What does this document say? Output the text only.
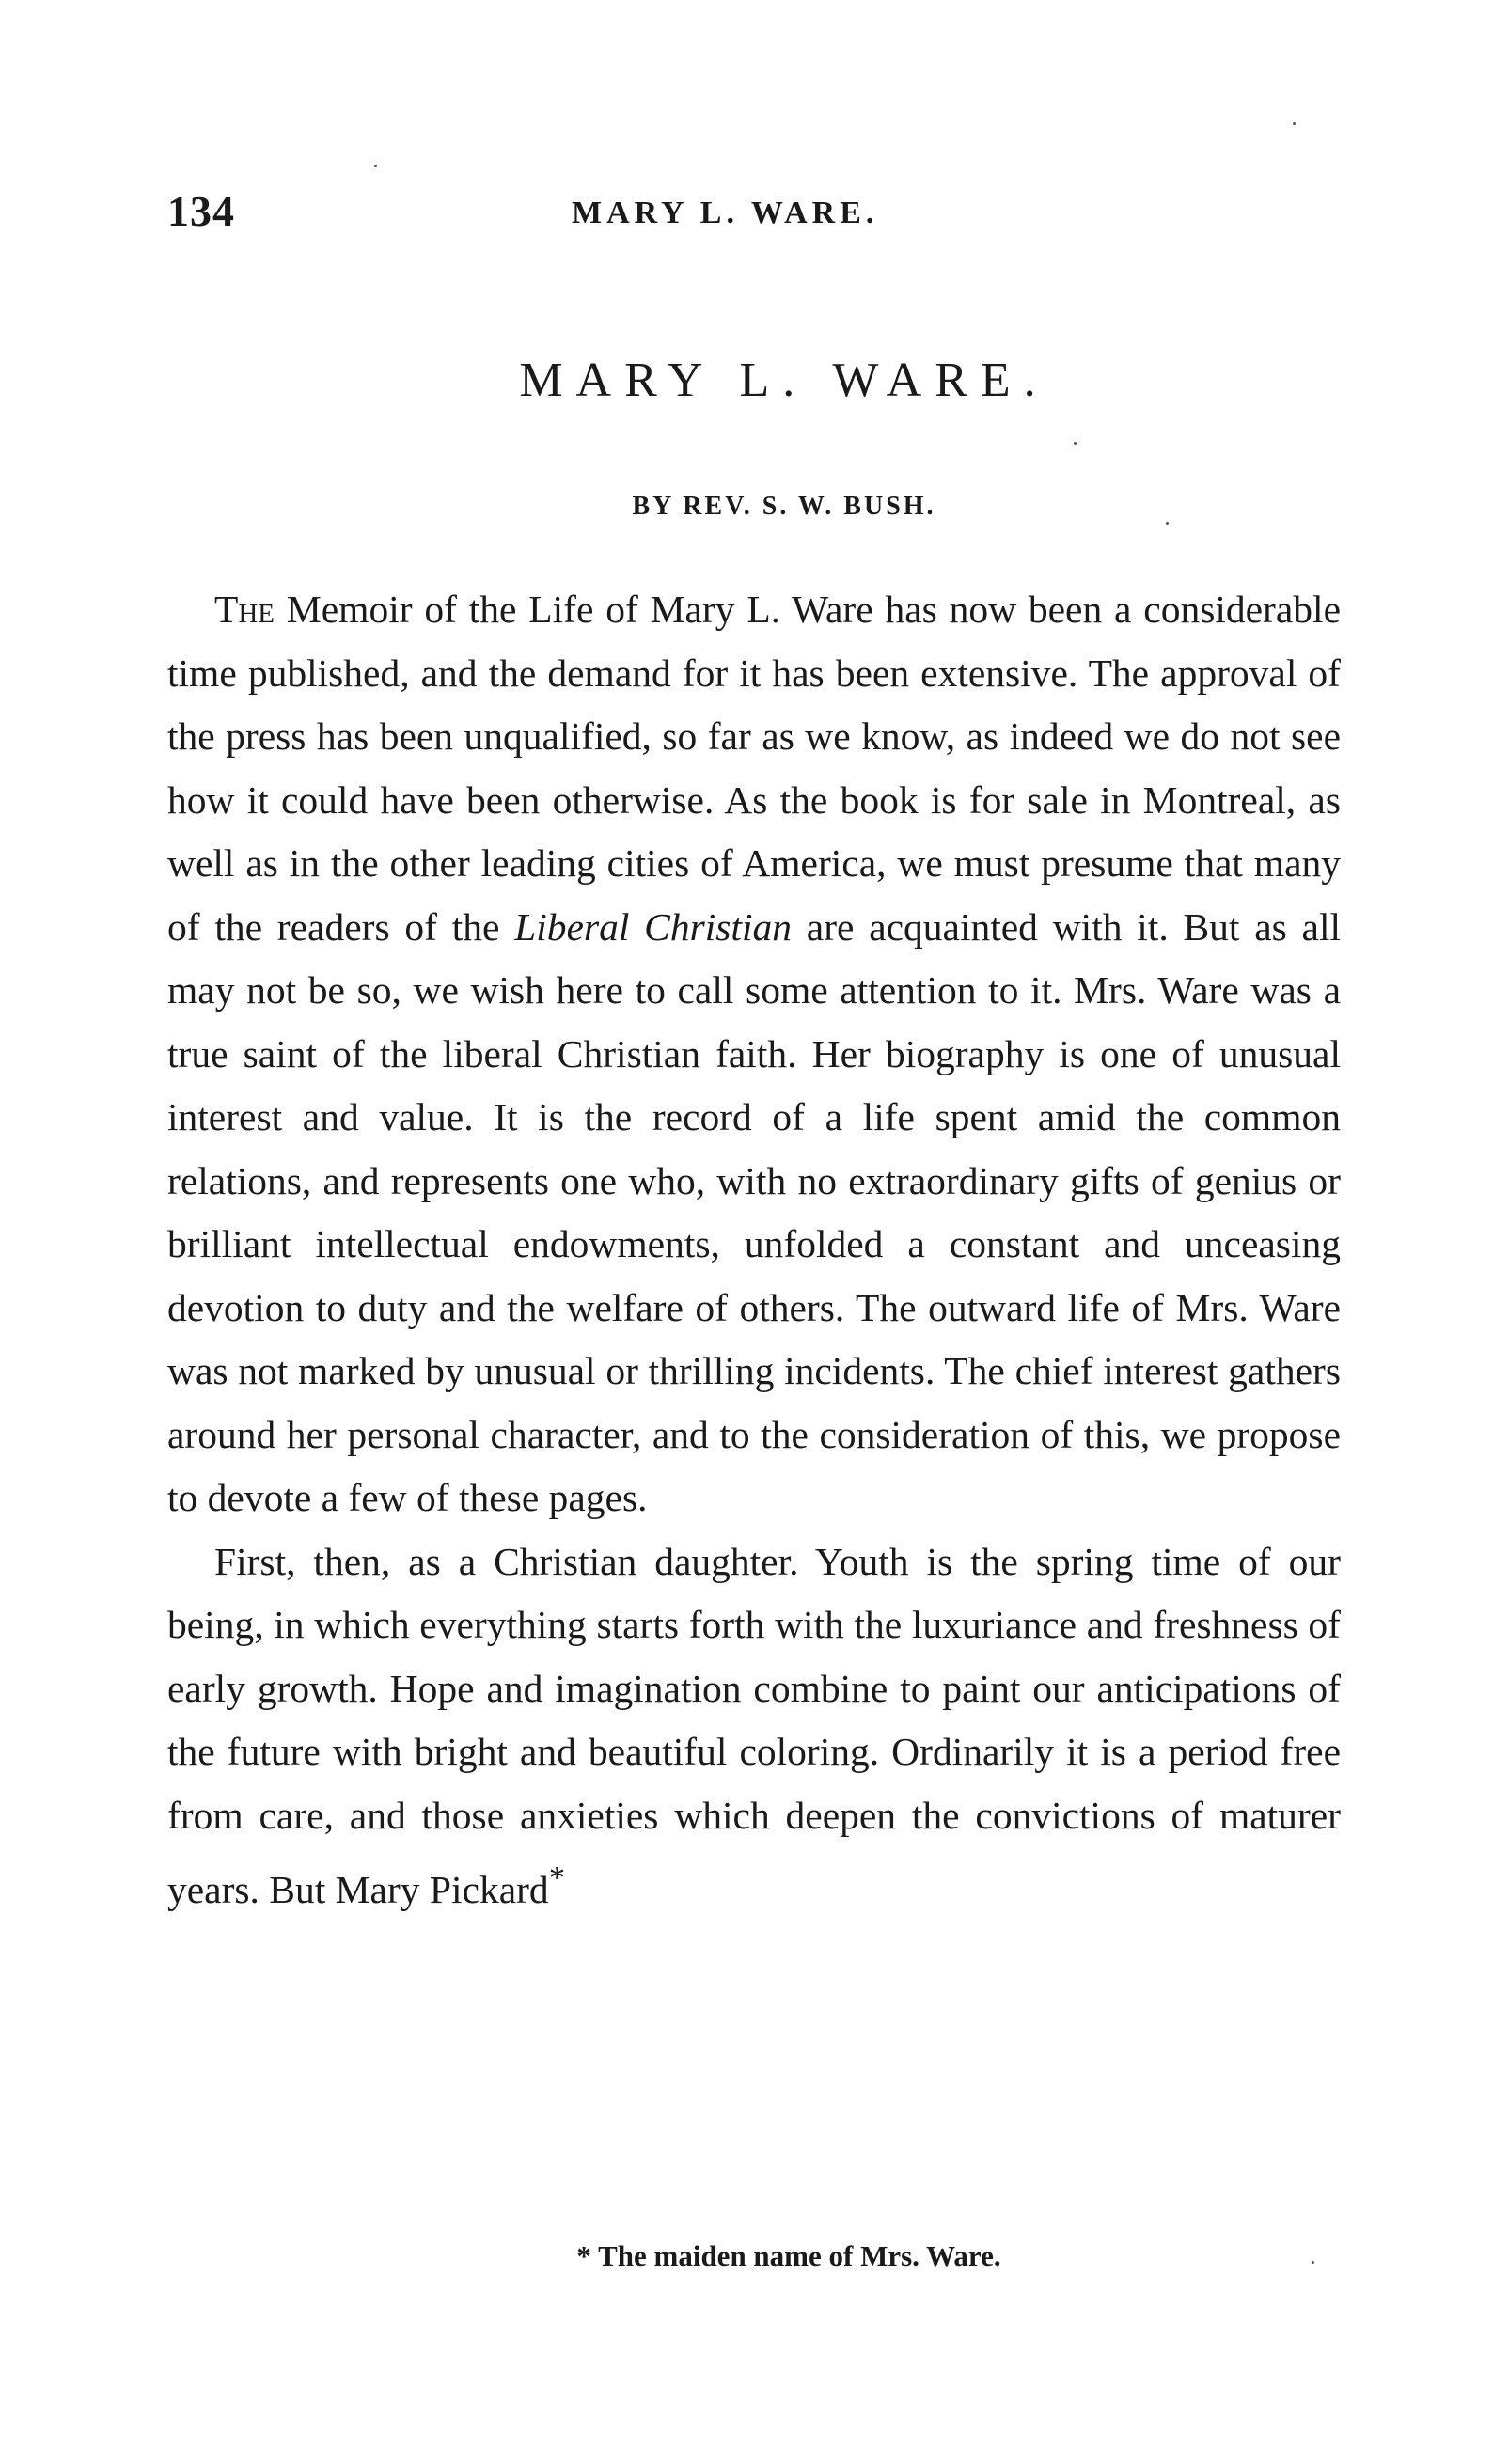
134	MARY L. WARE.
MARY L. WARE.
BY REV. S. W. BUSH.

The Memoir of the Life of Mary L. Ware has now been a considerable time published, and the demand for it has been extensive. The approval of the press has been unqualified, so far as we know, as indeed we do not see how it could have been otherwise. As the book is for sale in Montreal, as well as in the other leading cities of America, we must presume that many of the readers of the Liberal Christian are acquainted with it. But as all may not be so, we wish here to call some attention to it. Mrs. Ware was a true saint of the liberal Christian faith. Her biography is one of unusual interest and value. It is the record of a life spent amid the common relations, and represents one who, with no extraordinary gifts of genius or brilliant intellectual endowments, unfolded a constant and unceasing devotion to duty and the welfare of others. The outward life of Mrs. Ware was not marked by unusual or thrilling incidents. The chief interest gathers around her personal character, and to the consideration of this, we propose to devote a few of these pages.

First, then, as a Christian daughter. Youth is the spring time of our being, in which everything starts forth with the luxuriance and freshness of early growth. Hope and imagination combine to paint our anticipations of the future with bright and beautiful coloring. Ordinarily it is a period free from care, and those anxieties which deepen the convictions of maturer years. But Mary Pickard*

* The maiden name of Mrs. Ware.
